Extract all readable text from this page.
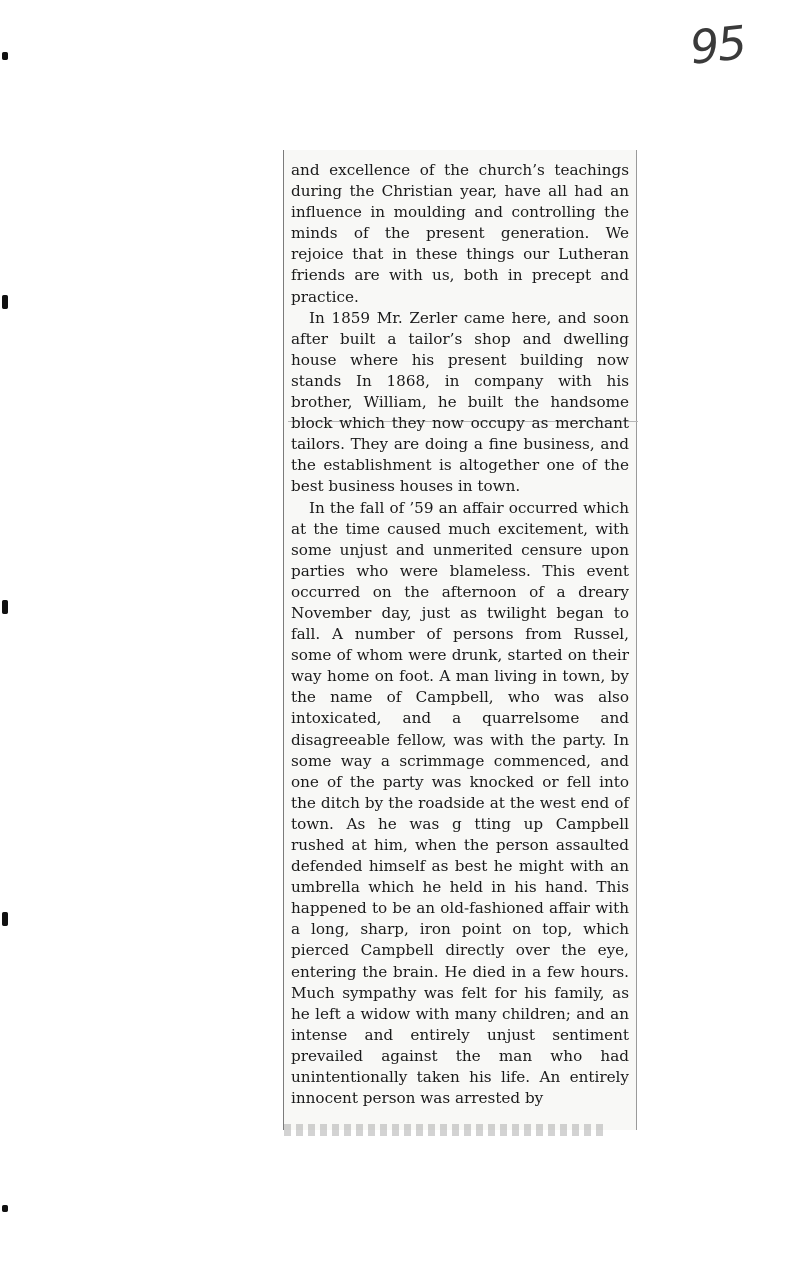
95

and excellence of the church’s teachings during the Christian year, have all had an influence in moulding and controlling the minds of the present generation. We rejoice that in these things our Lutheran friends are with us, both in precept and practice.

In 1859 Mr. Zerler came here, and soon after built a tailor’s shop and dwelling house where his present building now stands In 1868, in company with his brother, William, he built the handsome block which they now occupy as merchant tailors. They are doing a fine business, and the establishment is altogether one of the best business houses in town.

In the fall of ’59 an affair occurred which at the time caused much excitement, with some unjust and unmerited censure upon parties who were blameless. This event occurred on the afternoon of a dreary November day, just as twilight began to fall. A number of persons from Russel, some of whom were drunk, started on their way home on foot. A man living in town, by the name of Campbell, who was also intoxicated, and a quarrelsome and disagreeable fellow, was with the party. In some way a scrimmage commenced, and one of the party was knocked or fell into the ditch by the roadside at the west end of town. As he was g tting up Campbell rushed at him, when the person assaulted defended himself as best he might with an umbrella which he held in his hand. This happened to be an old-fashioned affair with a long, sharp, iron point on top, which pierced Campbell directly over the eye, entering the brain. He died in a few hours. Much sympathy was felt for his family, as he left a widow with many children; and an intense and entirely unjust sentiment prevailed against the man who had unintentionally taken his life. An entirely innocent person was arrested by
